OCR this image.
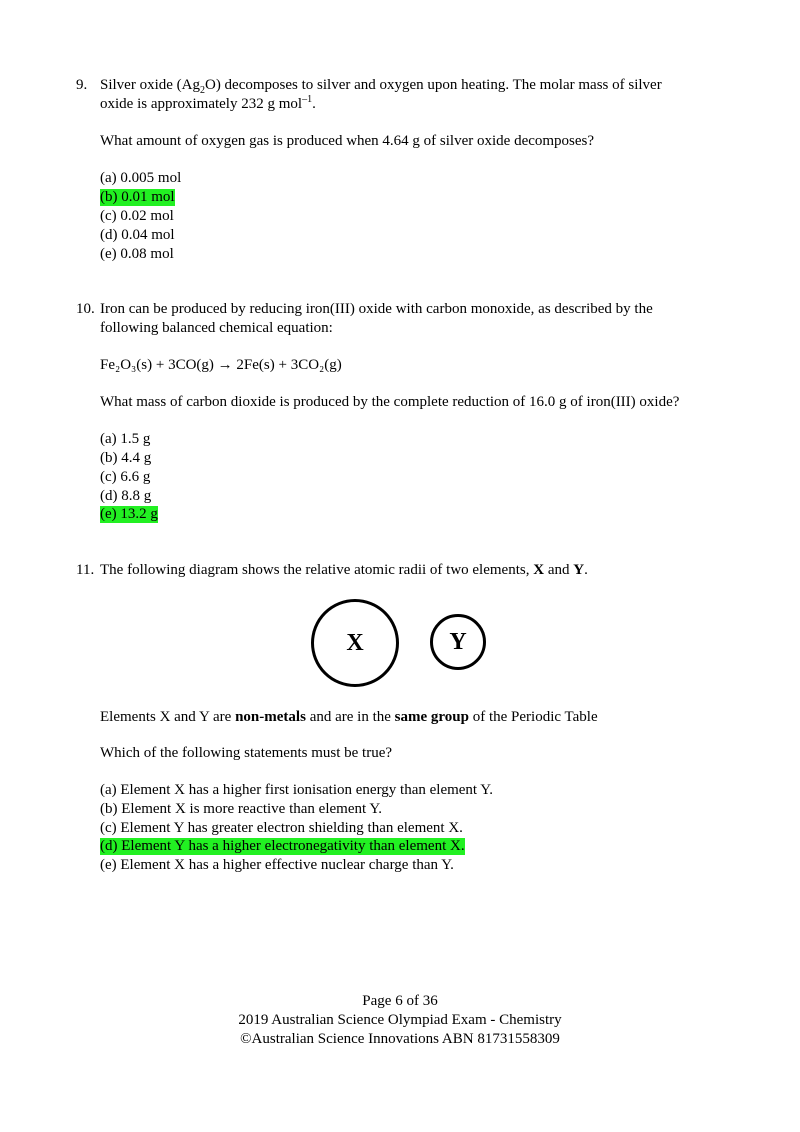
9. Silver oxide $(Ag_2O)$ decomposes to silver and oxygen upon heating. The molar mass of silver
oxide is approximately 232 g mol$^{-1}$.
What amount of oxygen gas is produced when 4.64 g of silver oxide decomposes?
(a) 0.005 mol
(b) 0.01 mol
(c) 0.02 mol
(d) 0.04 mol
(e) 0.08 mol
10. Iron can be produced by reducing iron(III) oxide with carbon monoxide, as described by the
following balanced chemical equation:
Fe₂O₃(s) + 3CO(g) → 2Fe(s) + 3CO₂(g)
What mass of carbon dioxide is produced by the complete reduction of 16.0 g of iron(III) oxide?
(a) 1.5 g
(b) 4.4 g
(c) 6.6 g
(d) 8.8 g
(e) 13.2 g
11. The following diagram shows the relative atomic radii of two elements, X and Y.
X	Y
Elements X and Y are non-metals and are in the same group of the Periodic Table
Which of the following statements must be true?
(a) Element X has a higher first ionisation energy than element Y.
(b) Element X is more reactive than element Y.
(c) Element Y has greater electron shielding than element X.
(d) Element Y has a higher electronegativity than element X.
(e) Element X has a higher effective nuclear charge than Y.
Page 6 of 36
2019 Australian Science Olympiad Exam - Chemistry
©Australian Science Innovations ABN 81731558309
